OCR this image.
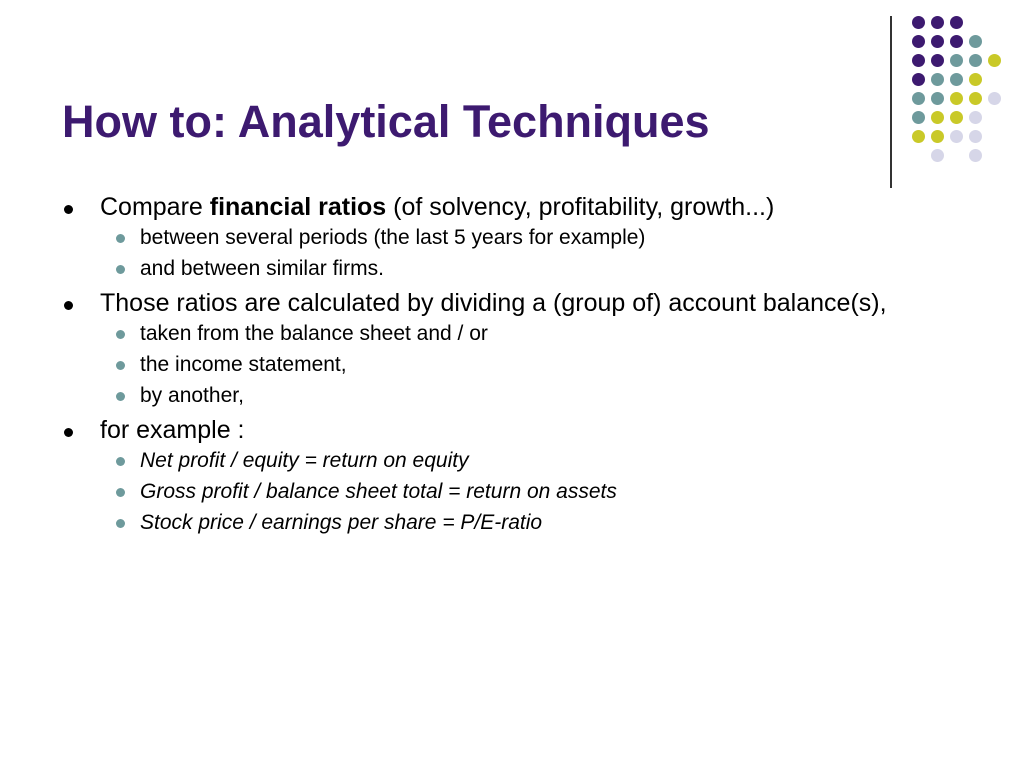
How to: Analytical Techniques
Compare financial ratios (of solvency, profitability, growth...)
between several periods (the last 5 years for example)
and between similar firms.
Those ratios are calculated by dividing a (group of) account balance(s),
taken from the balance sheet and / or
the income statement,
by another,
for example :
Net profit / equity = return on equity
Gross profit / balance sheet total = return on assets
Stock price / earnings per share = P/E-ratio
